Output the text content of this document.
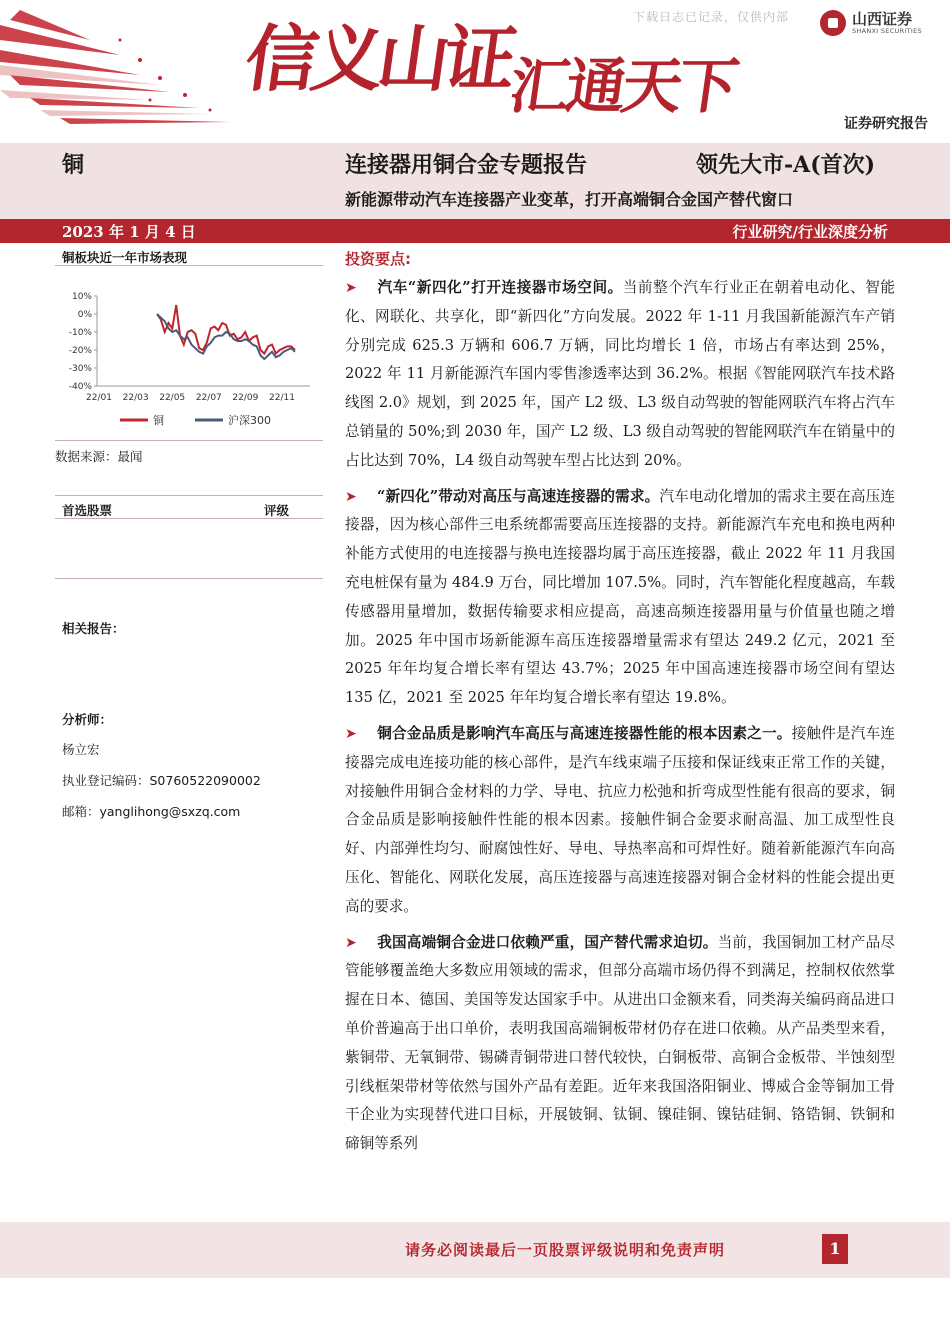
下载日志已记录，仅供内部	山西证券
SHANXI SECURITIES
信义山证
汇通天下
证券研究报告
铜	连接器用铜合金专题报告	领先大市-A(首次)
新能源带动汽车连接器产业变革，打开高端铜合金国产替代窗口
2023 年 1 月 4 日	行业研究/行业深度分析
铜板块近一年市场表现
10%
0%
-10%
-20%
-30%
-40%
22/01 22/03 22/05 22/07 22/09 22/11
铜	沪深300
数据来源：最闻
首选股票	评级
相关报告：
分析师：
杨立宏
执业登记编码：S0760522090002
邮箱：yanglihong@sxzq.com
投资要点:

➤ 汽车“新四化”打开连接器市场空间。当前整个汽车行业正在朝着电动化、智能化、网联化、共享化，即“新四化”方向发展。2022 年 1-11 月我国新能源汽车产销分别完成 625.3 万辆和 606.7 万辆，同比均增长 1 倍，市场占有率达到 25%，2022 年 11 月新能源汽车国内零售渗透率达到 36.2%。根据《智能网联汽车技术路线图 2.0》规划，到 2025 年，国产 L2 级、L3 级自动驾驶的智能网联汽车将占汽车总销量的 50%;到 2030 年，国产 L2 级、L3 级自动驾驶的智能网联汽车在销量中的占比达到 70%，L4 级自动驾驶车型占比达到 20%。

➤ “新四化”带动对高压与高速连接器的需求。汽车电动化增加的需求主要在高压连接器，因为核心部件三电系统都需要高压连接器的支持。新能源汽车充电和换电两种补能方式使用的电连接器与换电连接器均属于高压连接器，截止 2022 年 11 月我国充电桩保有量为 484.9 万台，同比增加 107.5%。同时，汽车智能化程度越高，车载传感器用量增加，数据传输要求相应提高，高速高频连接器用量与价值量也随之增加。2025 年中国市场新能源车高压连接器增量需求有望达 249.2 亿元，2021 至 2025 年年均复合增长率有望达 43.7%；2025 年中国高速连接器市场空间有望达 135 亿，2021 至 2025 年年均复合增长率有望达 19.8%。

➤ 铜合金品质是影响汽车高压与高速连接器性能的根本因素之一。接触件是汽车连接器完成电连接功能的核心部件，是汽车线束端子压接和保证线束正常工作的关键，对接触件用铜合金材料的力学、导电、抗应力松弛和折弯成型性能有很高的要求，铜合金品质是影响接触件性能的根本因素。接触件铜合金要求耐高温、加工成型性良好、内部弹性均匀、耐腐蚀性好、导电、导热率高和可焊性好。随着新能源汽车向高压化、智能化、网联化发展，高压连接器与高速连接器对铜合金材料的性能会提出更高的要求。

➤ 我国高端铜合金进口依赖严重，国产替代需求迫切。当前，我国铜加工材产品尽管能够覆盖绝大多数应用领域的需求，但部分高端市场仍得不到满足，控制权依然掌握在日本、德国、美国等发达国家手中。从进出口金额来看，同类海关编码商品进口单价普遍高于出口单价，表明我国高端铜板带材仍存在进口依赖。从产品类型来看，紫铜带、无氧铜带、锡磷青铜带进口替代较快，白铜板带、高铜合金板带、半蚀刻型引线框架带材等依然与国外产品有差距。近年来我国洛阳铜业、博威合金等铜加工骨干企业为实现替代进口目标，开展铍铜、钛铜、镍硅铜、镍钴硅铜、铬锆铜、铁铜和碲铜等系列

请务必阅读最后一页股票评级说明和免责声明	1
